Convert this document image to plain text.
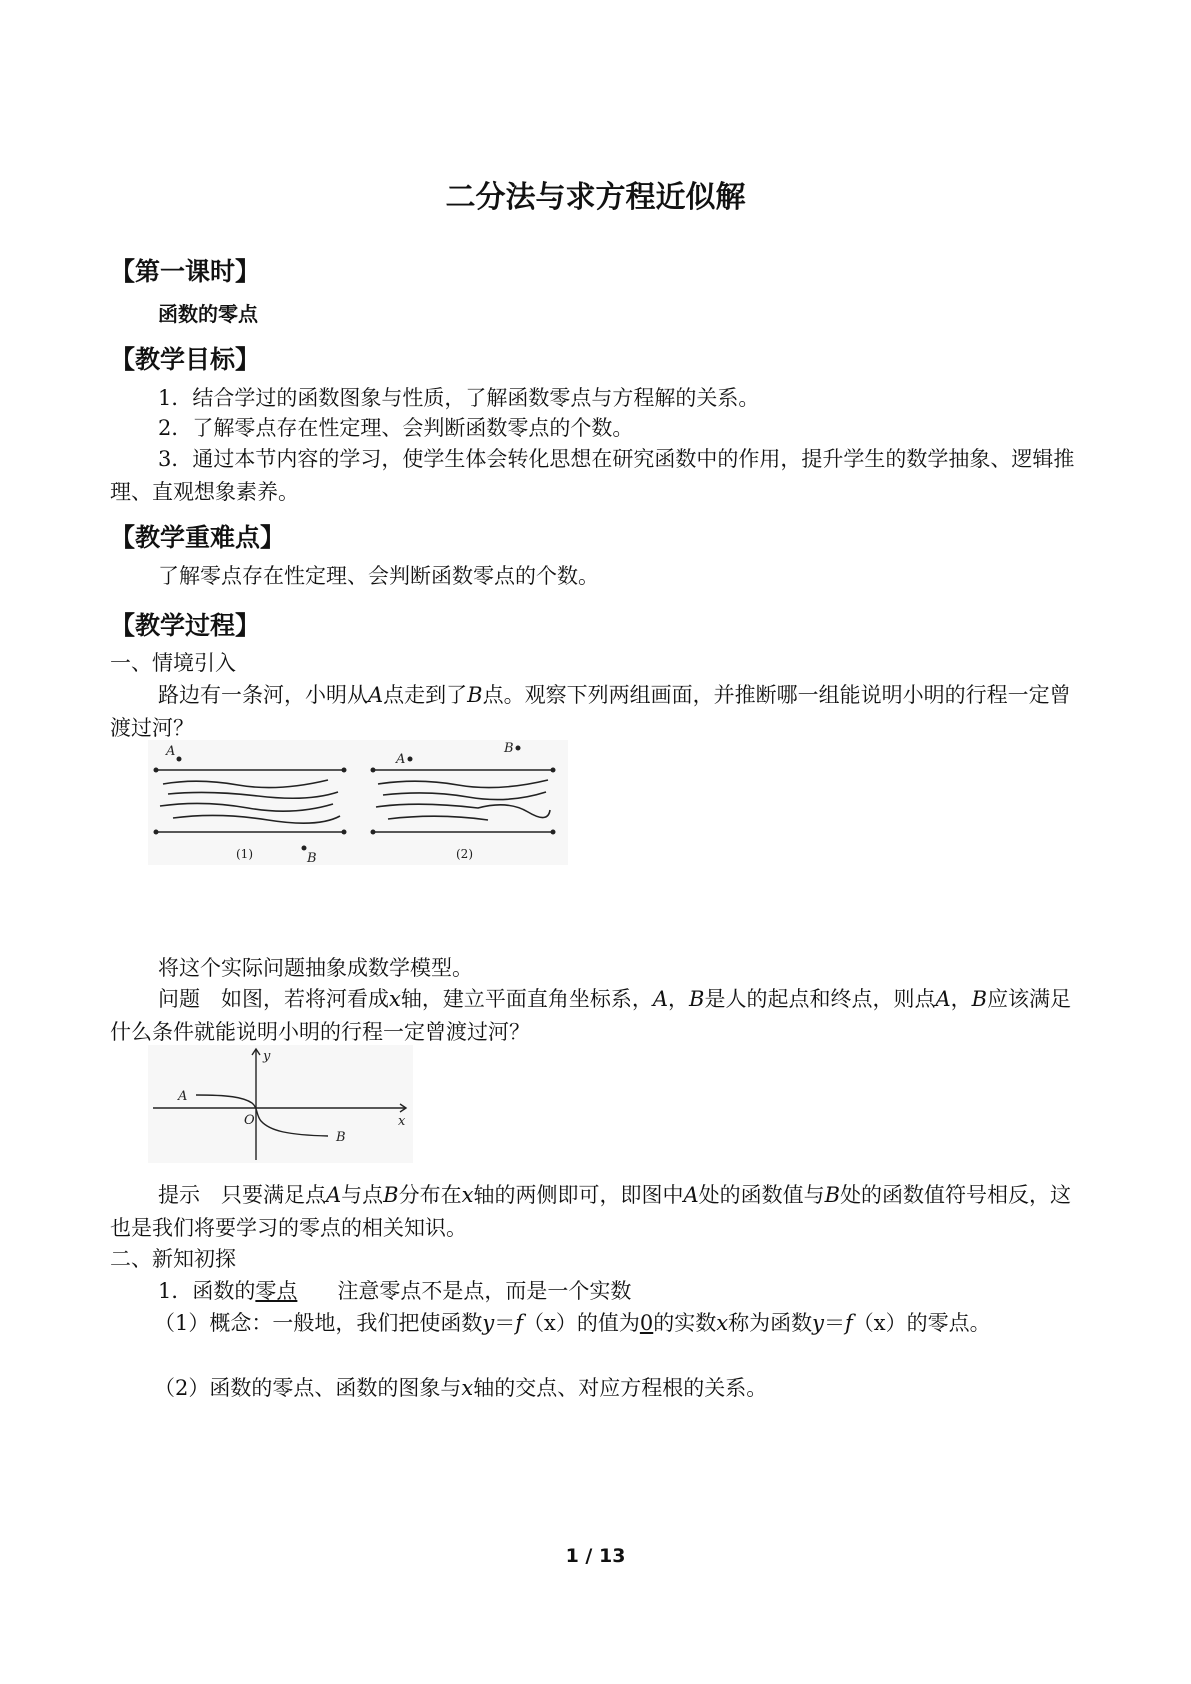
二分法与求方程近似解
【第一课时】
函数的零点
【教学目标】
1．结合学过的函数图象与性质，了解函数零点与方程解的关系。
2．了解零点存在性定理、会判断函数零点的个数。
3．通过本节内容的学习，使学生体会转化思想在研究函数中的作用，提升学生的数学抽象、逻辑推理、直观想象素养。
【教学重难点】
了解零点存在性定理、会判断函数零点的个数。
【教学过程】
一、情境引入
路边有一条河，小明从A点走到了B点。观察下列两组画面，并推断哪一组能说明小明的行程一定曾渡过河？
A
B
A
B
(1)	(2)
将这个实际问题抽象成数学模型。
问题　如图，若将河看成x轴，建立平面直角坐标系，A，B是人的起点和终点，则点A，B应该满足什么条件就能说明小明的行程一定曾渡过河？
y
x
O
A
B
提示　只要满足点A与点B分布在x轴的两侧即可，即图中A处的函数值与B处的函数值符号相反，这也是我们将要学习的零点的相关知识。
二、新知初探
1．函数的零点 注意零点不是点，而是一个实数
（1）概念：一般地，我们把使函数y＝f（x）的值为0的实数x称为函数y＝f（x）的零点。
（2）函数的零点、函数的图象与x轴的交点、对应方程根的关系。
1 / 13
